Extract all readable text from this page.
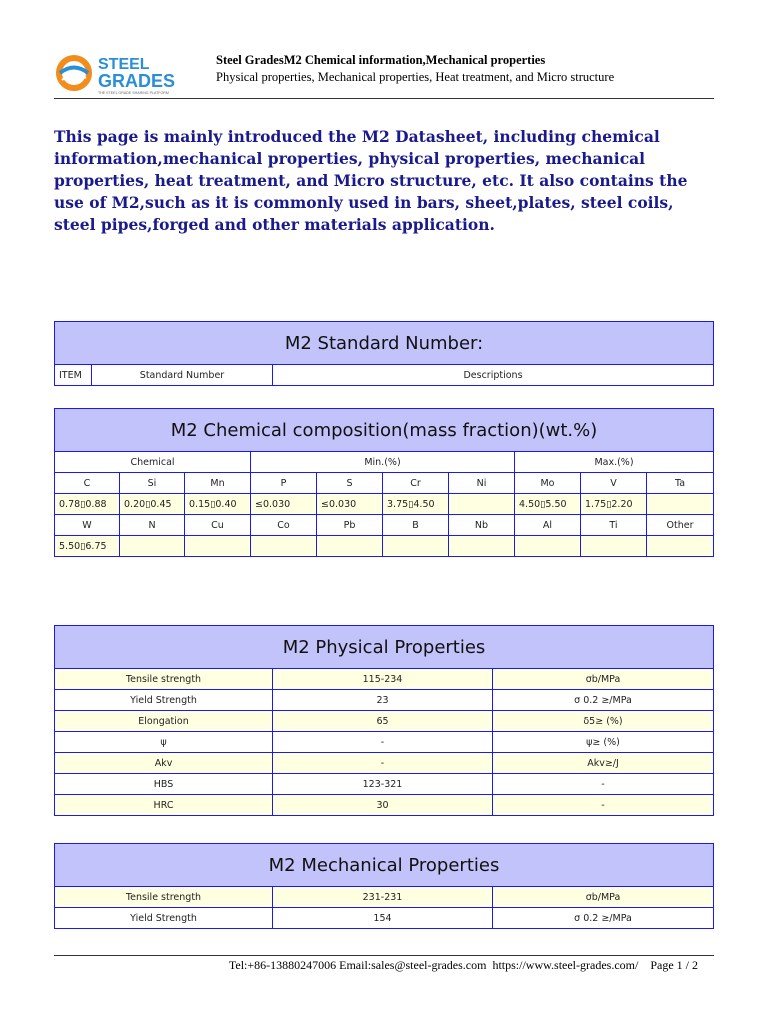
STEEL
GRADES
THE STEEL GRADE SHARING PLATFORM
Steel GradesM2 Chemical information,Mechanical properties
Physical properties, Mechanical properties, Heat treatment, and Micro structure

This page is mainly introduced the M2 Datasheet, including chemical information,mechanical properties, physical properties, mechanical properties, heat treatment, and Micro structure, etc. It also contains the use of M2,such as it is commonly used in bars, sheet,plates, steel coils, steel pipes,forged and other materials application.

M2 Standard Number:
ITEM	Standard Number	Descriptions
M2 Chemical composition(mass fraction)(wt.%)									
Chemical			Min.(%)				Max.(%)		
C	Si	Mn	P	S	Cr	Ni	Mo	V	Ta
0.78▯0.88	0.20▯0.45	0.15▯0.40	≤0.030	≤0.030	3.75▯4.50		4.50▯5.50	1.75▯2.20	
W	N	Cu	Co	Pb	B	Nb	Al	Ti	Other
5.50▯6.75									
M2 Physical Properties		
Tensile strength	115-234	σb/MPa
Yield Strength	23	σ 0.2 ≥/MPa
Elongation	65	δ5≥ (%)
ψ	-	ψ≥ (%)
Akv	-	Akv≥/J
HBS	123-321	-
HRC	30	-
M2 Mechanical Properties		
Tensile strength	231-231	σb/MPa
Yield Strength	154	σ 0.2 ≥/MPa
Tel:+86-13880247006 Email:sales@steel-grades.com  https://www.steel-grades.com/ Page 1 / 2
